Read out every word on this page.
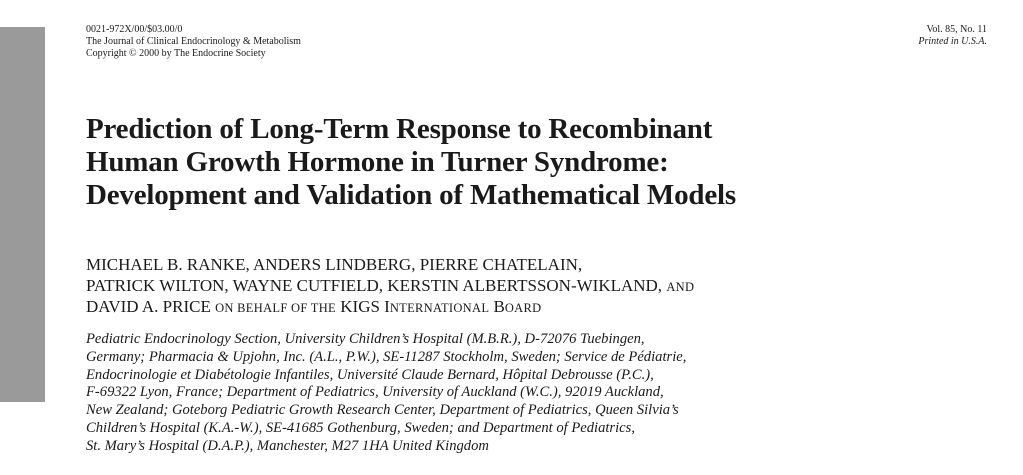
0021-972X/00/$03.00/0
The Journal of Clinical Endocrinology & Metabolism
Copyright © 2000 by The Endocrine Society
Vol. 85, No. 11
Printed in U.S.A.
Prediction of Long-Term Response to Recombinant
Human Growth Hormone in Turner Syndrome:
Development and Validation of Mathematical Models
MICHAEL B. RANKE, ANDERS LINDBERG, PIERRE CHATELAIN,
PATRICK WILTON, WAYNE CUTFIELD, KERSTIN ALBERTSSON-WIKLAND, AND
DAVID A. PRICE ON BEHALF OF THE KIGS INTERNATIONAL BOARD
Pediatric Endocrinology Section, University Children’s Hospital (M.B.R.), D-72076 Tuebingen,
Germany; Pharmacia & Upjohn, Inc. (A.L., P.W.), SE-11287 Stockholm, Sweden; Service de Pédiatrie,
Endocrinologie et Diabétologie Infantiles, Université Claude Bernard, Hôpital Debrousse (P.C.),
F-69322 Lyon, France; Department of Pediatrics, University of Auckland (W.C.), 92019 Auckland,
New Zealand; Goteborg Pediatric Growth Research Center, Department of Pediatrics, Queen Silvia’s
Children’s Hospital (K.A.-W.), SE-41685 Gothenburg, Sweden; and Department of Pediatrics,
St. Mary’s Hospital (D.A.P.), Manchester, M27 1HA United Kingdom
